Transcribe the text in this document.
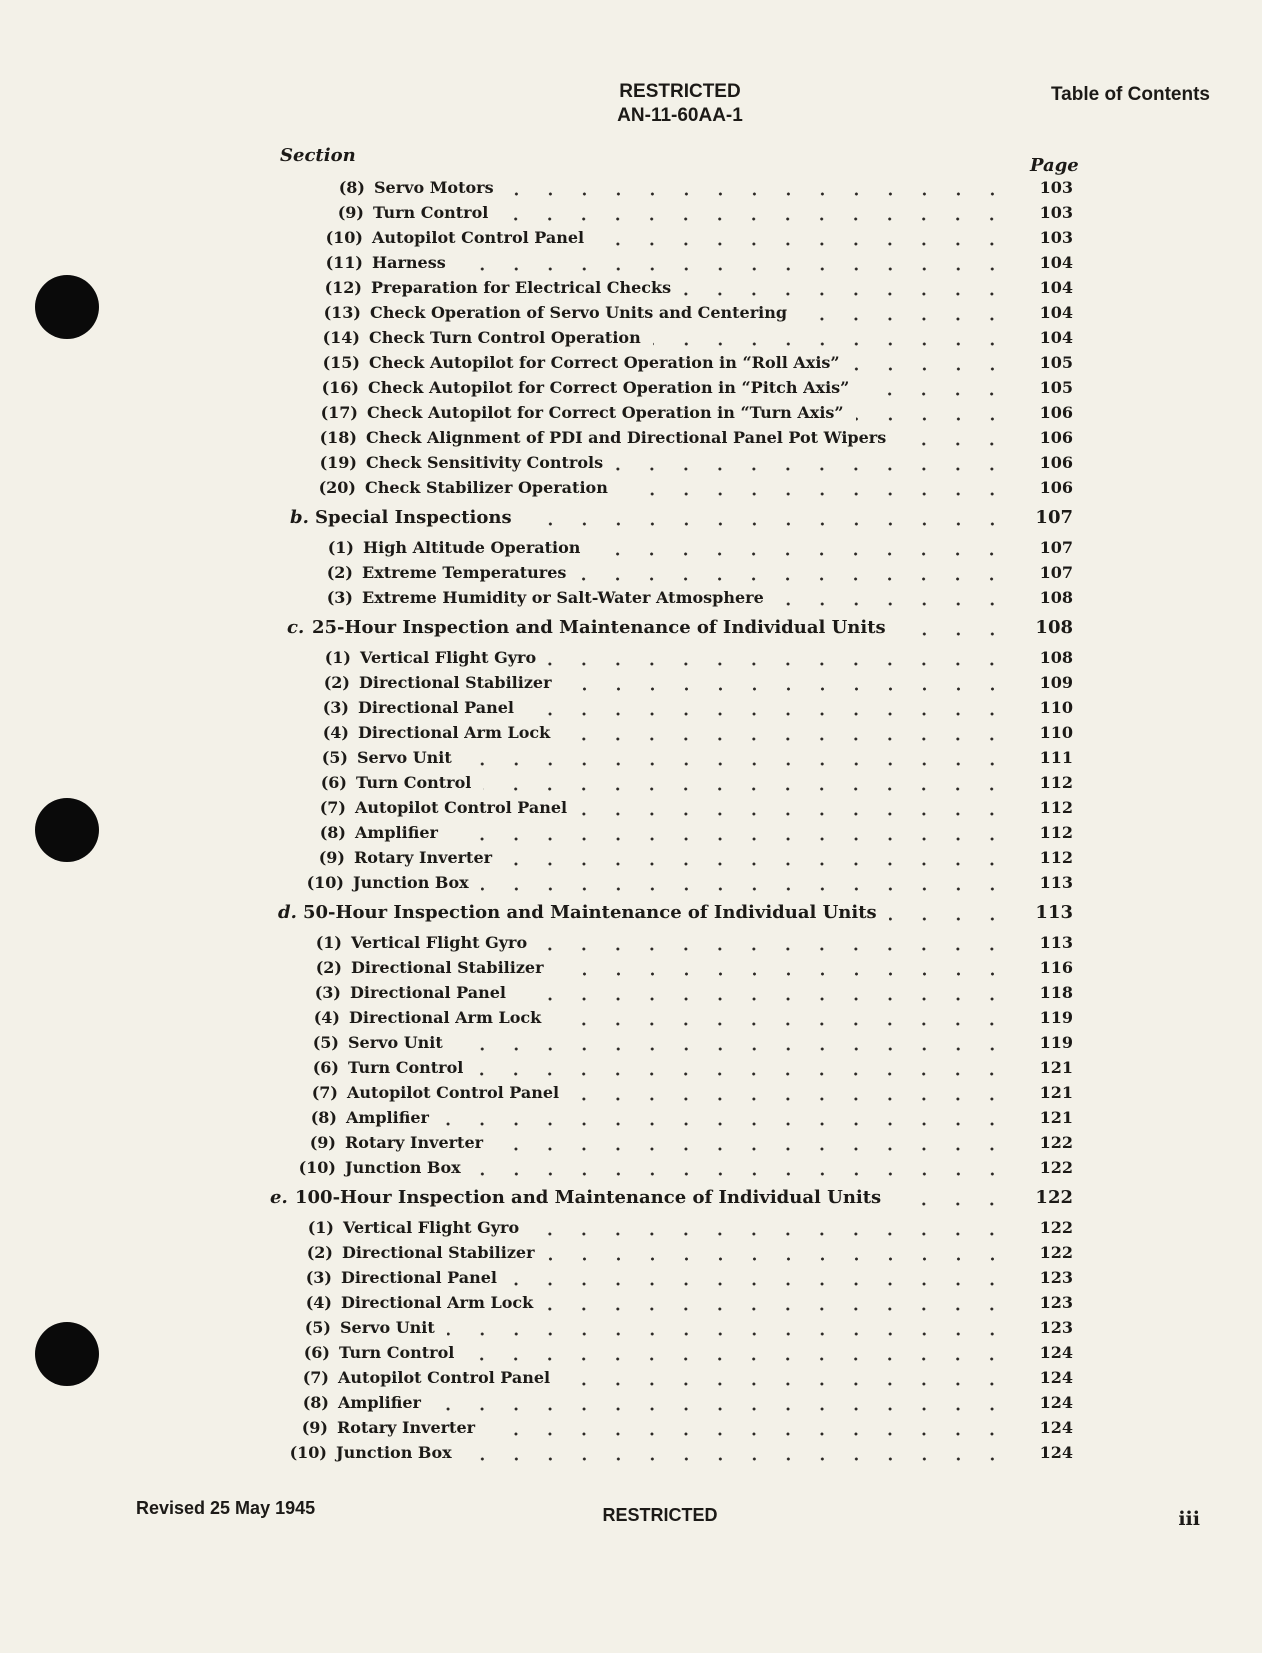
RESTRICTED
AN-11-60AA-1
Table of Contents
Section	Page
(8) Servo Motors	103
(9) Turn Control	103
(10) Autopilot Control Panel	103
(11) Harness	104
(12) Preparation for Electrical Checks	104
(13) Check Operation of Servo Units and Centering	104
(14) Check Turn Control Operation	104
(15) Check Autopilot for Correct Operation in “Roll Axis”	105
(16) Check Autopilot for Correct Operation in “Pitch Axis”	105
(17) Check Autopilot for Correct Operation in “Turn Axis”	106
(18) Check Alignment of PDI and Directional Panel Pot Wipers	106
(19) Check Sensitivity Controls	106
(20) Check Stabilizer Operation	106
b. Special Inspections	107
(1) High Altitude Operation	107
(2) Extreme Temperatures	107
(3) Extreme Humidity or Salt-Water Atmosphere	108
c. 25-Hour Inspection and Maintenance of Individual Units	108
(1) Vertical Flight Gyro	108
(2) Directional Stabilizer	109
(3) Directional Panel	110
(4) Directional Arm Lock	110
(5) Servo Unit	111
(6) Turn Control	112
(7) Autopilot Control Panel	112
(8) Amplifier	112
(9) Rotary Inverter	112
(10) Junction Box	113
d. 50-Hour Inspection and Maintenance of Individual Units	113
(1) Vertical Flight Gyro	113
(2) Directional Stabilizer	116
(3) Directional Panel	118
(4) Directional Arm Lock	119
(5) Servo Unit	119
(6) Turn Control	121
(7) Autopilot Control Panel	121
(8) Amplifier	121
(9) Rotary Inverter	122
(10) Junction Box	122
e. 100-Hour Inspection and Maintenance of Individual Units	122
(1) Vertical Flight Gyro	122
(2) Directional Stabilizer	122
(3) Directional Panel	123
(4) Directional Arm Lock	123
(5) Servo Unit	123
(6) Turn Control	124
(7) Autopilot Control Panel	124
(8) Amplifier	124
(9) Rotary Inverter	124
(10) Junction Box	124
Revised 25 May 1945	RESTRICTED	iii
